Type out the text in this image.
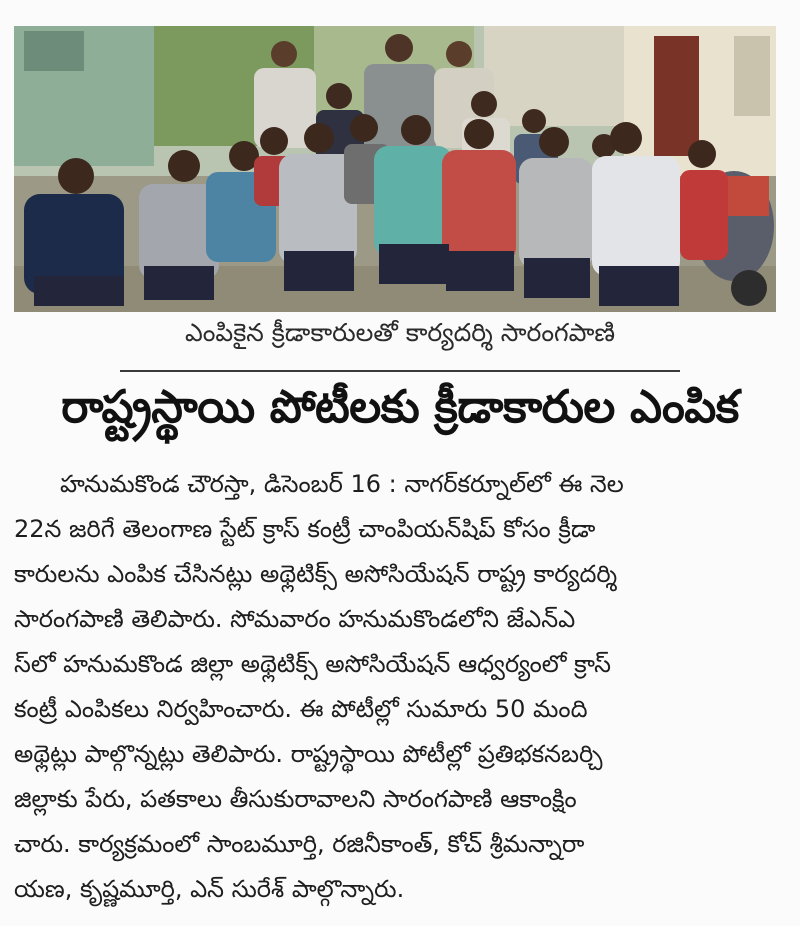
ఎంపికైన క్రీడాకారులతో కార్యదర్శి సారంగపాణి
రాష్ట్రస్థాయి పోటీలకు క్రీడాకారుల ఎంపిక
హనుమకొండ చౌరస్తా, డిసెంబర్ 16 : నాగర్‌కర్నూల్‌లో ఈ నెల
22న జరిగే తెలంగాణ స్టేట్ క్రాస్ కంట్రీ చాంపియన్‌షిప్ కోసం క్రీడా
కారులను ఎంపిక చేసినట్లు అథ్లెటిక్స్ అసోసియేషన్ రాష్ట్ర కార్యదర్శి
సారంగపాణి తెలిపారు. సోమవారం హనుమకొండలోని జేఎన్‌ఎ
స్‌లో హనుమకొండ జిల్లా అథ్లెటిక్స్ అసోసియేషన్ ఆధ్వర్యంలో క్రాస్
కంట్రీ ఎంపికలు నిర్వహించారు. ఈ పోటీల్లో సుమారు 50 మంది
అథ్లెట్లు పాల్గొన్నట్లు తెలిపారు. రాష్ట్రస్థాయి పోటీల్లో ప్రతిభకనబర్చి
జిల్లాకు పేరు, పతకాలు తీసుకురావాలని సారంగపాణి ఆకాంక్షిం
చారు. కార్యక్రమంలో సాంబమూర్తి, రజినీకాంత్, కోచ్ శ్రీమన్నారా
యణ, కృష్ణమూర్తి, ఎన్ సురేశ్ పాల్గొన్నారు.
